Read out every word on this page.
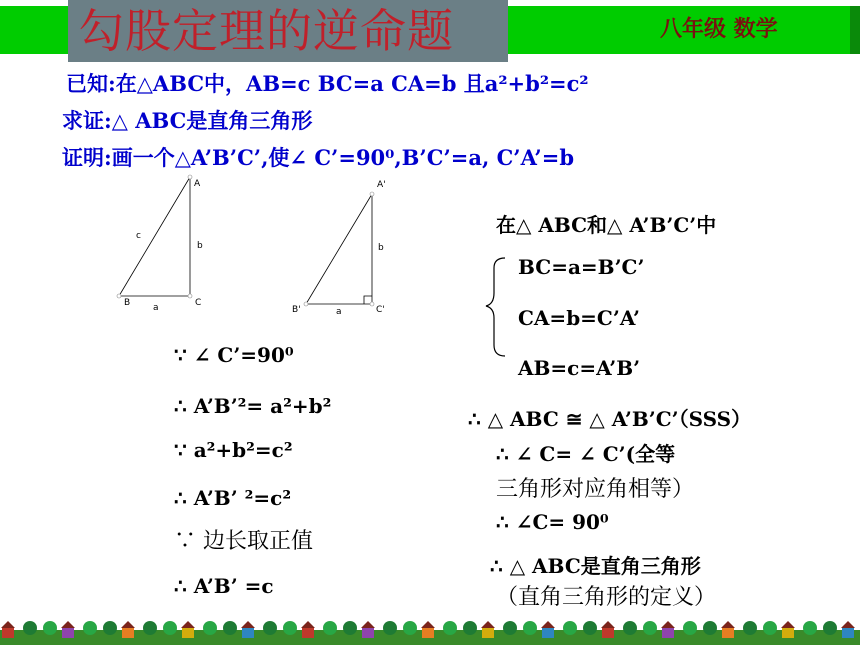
勾股定理的逆命题	八年级 数学
已知:在△ABC中，AB=c BC=a CA=b 且a²+b²=c²
求证:△ ABC是直角三角形
证明:画一个△A’B’C’,使∠ C’=90⁰,B’C’=a, C’A’=b
A
B	C
a
b
c
A'
B'	C'
a
b
∵ ∠ C’=90⁰
∴ A’B’²= a²+b²
∵ a²+b²=c²
∴ A’B’ ²=c²
∵ 边长取正值
∴ A’B’ =c
在△ ABC和△ A’B’C’中
BC=a=B’C’
CA=b=C’A’
AB=c=A’B’
∴ △ ABC ≅ △ A’B’C’（SSS）
∴ ∠ C= ∠ C’(全等
三角形对应角相等）
∴ ∠C= 90⁰
∴ △ ABC是直角三角形
（直角三角形的定义）
